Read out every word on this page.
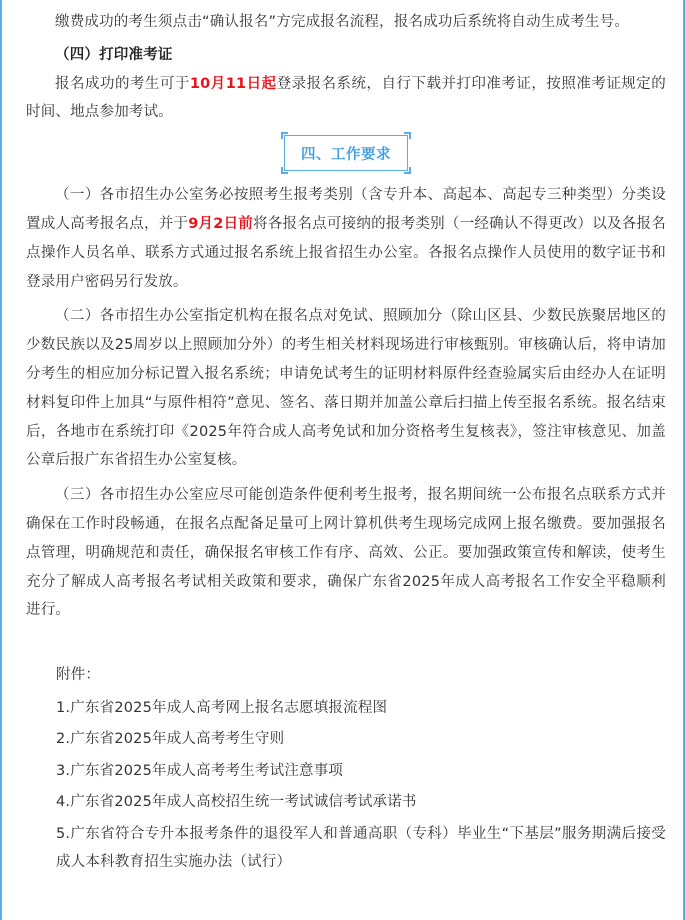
缴费成功的考生须点击“确认报名”方完成报名流程，报名成功后系统将自动生成考生号。

（四）打印准考证

报名成功的考生可于10月11日起登录报名系统，自行下载并打印准考证，按照准考证规定的时间、地点参加考试。

四、工作要求

（一）各市招生办公室务必按照考生报考类别（含专升本、高起本、高起专三种类型）分类设置成人高考报名点，并于9月2日前将各报名点可接纳的报考类别（一经确认不得更改）以及各报名点操作人员名单、联系方式通过报名系统上报省招生办公室。各报名点操作人员使用的数字证书和登录用户密码另行发放。

（二）各市招生办公室指定机构在报名点对免试、照顾加分（除山区县、少数民族聚居地区的少数民族以及25周岁以上照顾加分外）的考生相关材料现场进行审核甄别。审核确认后，将申请加分考生的相应加分标记置入报名系统；申请免试考生的证明材料原件经查验属实后由经办人在证明材料复印件上加具“与原件相符”意见、签名、落日期并加盖公章后扫描上传至报名系统。报名结束后，各地市在系统打印《2025年符合成人高考免试和加分资格考生复核表》，签注审核意见、加盖公章后报广东省招生办公室复核。

（三）各市招生办公室应尽可能创造条件便利考生报考，报名期间统一公布报名点联系方式并确保在工作时段畅通，在报名点配备足量可上网计算机供考生现场完成网上报名缴费。要加强报名点管理，明确规范和责任，确保报名审核工作有序、高效、公正。要加强政策宣传和解读，使考生充分了解成人高考报名考试相关政策和要求，确保广东省2025年成人高考报名工作安全平稳顺利进行。

附件：

1.广东省2025年成人高考网上报名志愿填报流程图

2.广东省2025年成人高考考生守则

3.广东省2025年成人高考考生考试注意事项

4.广东省2025年成人高校招生统一考试诚信考试承诺书

5.广东省符合专升本报考条件的退役军人和普通高职（专科）毕业生“下基层”服务期满后接受成人本科教育招生实施办法（试行）
